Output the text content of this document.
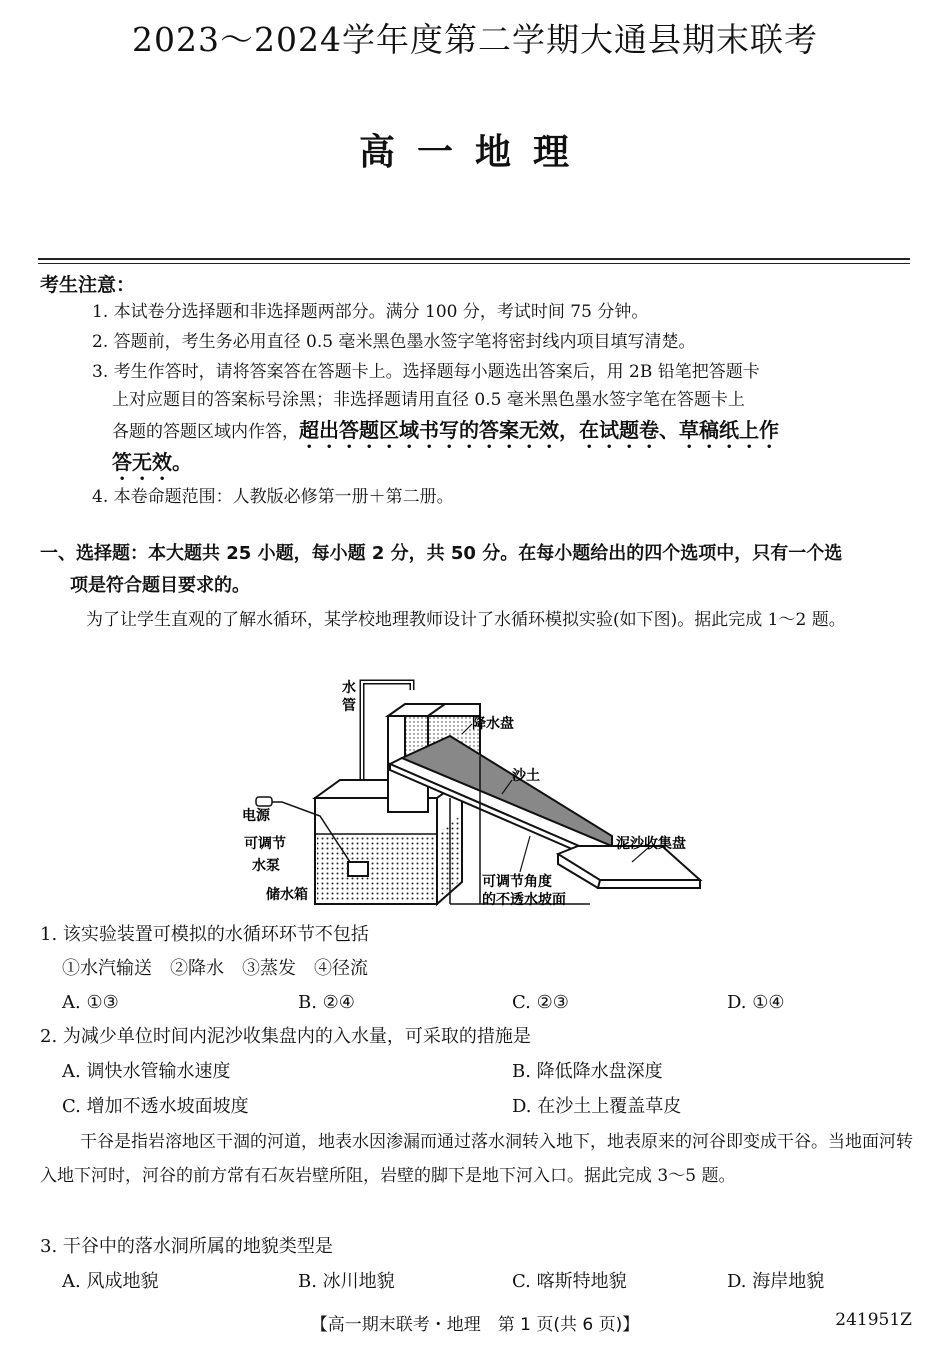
2023～2024学年度第二学期大通县期末联考
高一地理
考生注意：
1. 本试卷分选择题和非选择题两部分。满分 100 分，考试时间 75 分钟。
2. 答题前，考生务必用直径 0.5 毫米黑色墨水签字笔将密封线内项目填写清楚。
3. 考生作答时，请将答案答在答题卡上。选择题每小题选出答案后，用 2B 铅笔把答题卡
上对应题目的答案标号涂黑；非选择题请用直径 0.5 毫米黑色墨水签字笔在答题卡上
各题的答题区域内作答，超出答题区域书写的答案无效，在试题卷、草稿纸上作
答无效。
4. 本卷命题范围：人教版必修第一册＋第二册。
一、选择题：本大题共 25 小题，每小题 2 分，共 50 分。在每小题给出的四个选项中，只有一个选
项是符合题目要求的。
为了让学生直观的了解水循环，某学校地理教师设计了水循环模拟实验(如下图)。据此完成 1～2 题。
水
管
降水盘
沙土
电源
可调节
水泵
储水箱
可调节角度
的不透水坡面
泥沙收集盘
1. 该实验装置可模拟的水循环环节不包括
①水汽输送　②降水　③蒸发　④径流
A. ①③	B. ②④	C. ②③	D. ①④
2. 为减少单位时间内泥沙收集盘内的入水量，可采取的措施是
A. 调快水管输水速度	B. 降低降水盘深度
C. 增加不透水坡面坡度	D. 在沙土上覆盖草皮
干谷是指岩溶地区干涸的河道，地表水因渗漏而通过落水洞转入地下，地表原来的河谷即变成干谷。当地面河转入地下河时，河谷的前方常有石灰岩壁所阻，岩壁的脚下是地下河入口。据此完成 3～5 题。
3. 干谷中的落水洞所属的地貌类型是
A. 风成地貌	B. 冰川地貌	C. 喀斯特地貌	D. 海岸地貌
【高一期末联考・地理　第 1 页(共 6 页)】	241951Z
